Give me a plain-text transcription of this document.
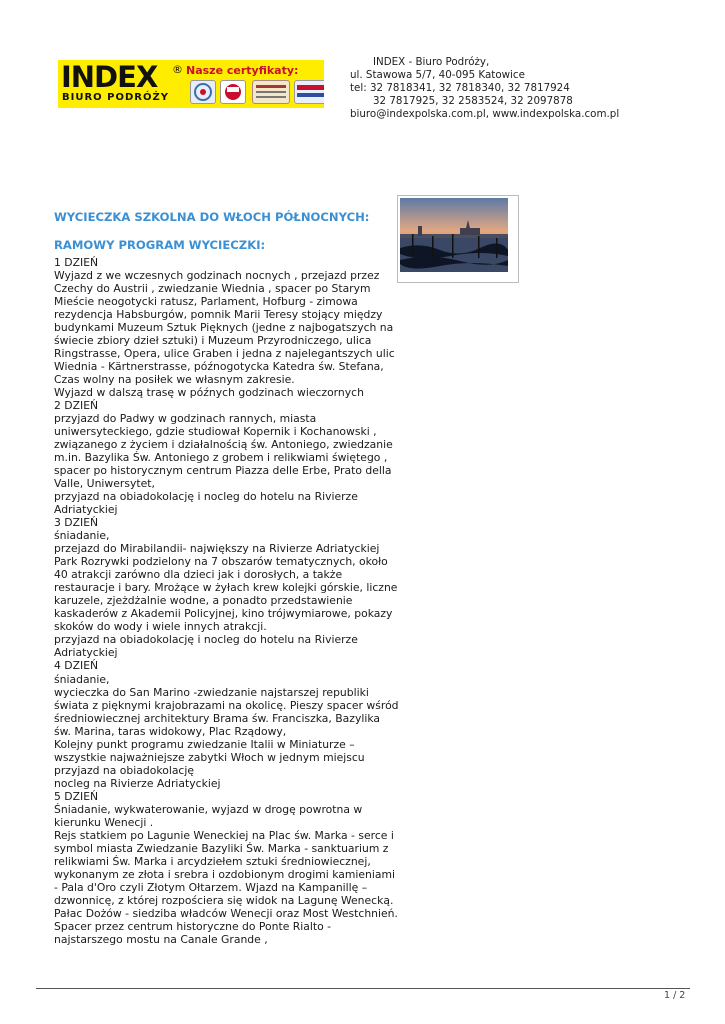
INDEX ®
BIURO PODRÓŻY
Nasze certyfikaty:
INDEX - Biuro Podróży,
ul. Stawowa 5/7, 40-095 Katowice
tel: 32 7818341, 32 7818340, 32 7817924
32 7817925, 32 2583524, 32 2097878
biuro@indexpolska.com.pl, www.indexpolska.com.pl
WYCIECZKA SZKOLNA DO WŁOCH PÓŁNOCNYCH:
RAMOWY PROGRAM WYCIECZKI:
1 DZIEŃ
Wyjazd z we wczesnych godzinach nocnych , przejazd przez
Czechy do Austrii , zwiedzanie Wiednia , spacer po Starym
Mieście neogotycki ratusz, Parlament, Hofburg - zimowa
rezydencja Habsburgów, pomnik Marii Teresy stojący między
budynkami Muzeum Sztuk Pięknych (jedne z najbogatszych na
świecie zbiory dzieł sztuki) i Muzeum Przyrodniczego, ulica
Ringstrasse, Opera, ulice Graben i jedna z najelegantszych ulic
Wiednia - Kärtnerstrasse, późnogotycka Katedra św. Stefana,
Czas wolny na posiłek we własnym zakresie.
Wyjazd w dalszą trasę w późnych godzinach wieczornych
2 DZIEŃ
przyjazd do Padwy w godzinach rannych, miasta
uniwersyteckiego, gdzie studiował Kopernik i Kochanowski ,
związanego z życiem i działalnością św. Antoniego, zwiedzanie
m.in. Bazylika Św. Antoniego z grobem i relikwiami świętego ,
spacer po historycznym centrum Piazza delle Erbe, Prato della
Valle, Uniwersytet,
przyjazd na obiadokolację i nocleg do hotelu na Rivierze
Adriatyckiej
3 DZIEŃ
śniadanie,
przejazd do Mirabilandii- największy na Rivierze Adriatyckiej
Park Rozrywki podzielony na 7 obszarów tematycznych, około
40 atrakcji zarówno dla dzieci jak i dorosłych, a także
restauracje i bary. Mrożące w żyłach krew kolejki górskie, liczne
karuzele, zjeżdżalnie wodne, a ponadto przedstawienie
kaskaderów z Akademii Policyjnej, kino trójwymiarowe, pokazy
skoków do wody i wiele innych atrakcji.
przyjazd na obiadokolację i nocleg do hotelu na Rivierze
Adriatyckiej
4 DZIEŃ
śniadanie,
wycieczka do San Marino -zwiedzanie najstarszej republiki
świata z pięknymi krajobrazami na okolicę. Pieszy spacer wśród
średniowiecznej architektury Brama św. Franciszka, Bazylika
św. Marina, taras widokowy, Plac Rządowy,
Kolejny punkt programu zwiedzanie Italii w Miniaturze –
wszystkie najważniejsze zabytki Włoch w jednym miejscu
przyjazd na obiadokolację
nocleg na Rivierze Adriatyckiej
5 DZIEŃ
Śniadanie, wykwaterowanie, wyjazd w drogę powrotna w
kierunku Wenecji .
Rejs statkiem po Lagunie Weneckiej na Plac św. Marka - serce i
symbol miasta Zwiedzanie Bazyliki Św. Marka - sanktuarium z
relikwiami Św. Marka i arcydziełem sztuki średniowiecznej,
wykonanym ze złota i srebra i ozdobionym drogimi kamieniami
- Pala d'Oro czyli Złotym Ołtarzem. Wjazd na Kampanillę –
dzwonnicę, z której rozpościera się widok na Lagunę Wenecką.
Pałac Dożów - siedziba władców Wenecji oraz Most Westchnień.
Spacer przez centrum historyczne do Ponte Rialto -
najstarszego mostu na Canale Grande ,
1 / 2
